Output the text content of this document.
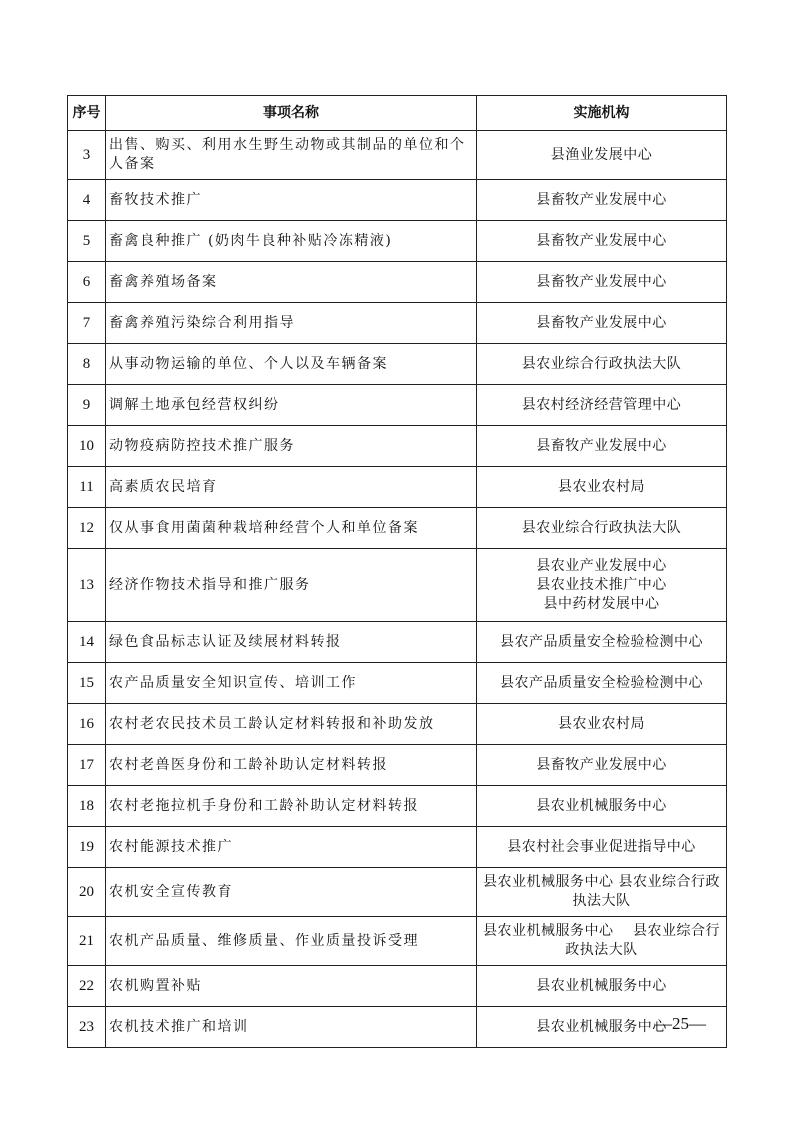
序号	事项名称	实施机构
3	出售、购买、利用水生野生动物或其制品的单位和个人备案	县渔业发展中心

4	畜牧技术推广	县畜牧产业发展中心

5	畜禽良种推广 (奶肉牛良种补贴冷冻精液)	县畜牧产业发展中心

6	畜禽养殖场备案	县畜牧产业发展中心

7	畜禽养殖污染综合利用指导	县畜牧产业发展中心

8	从事动物运输的单位、个人以及车辆备案	县农业综合行政执法大队

9	调解土地承包经营权纠纷	县农村经济经营管理中心

10	动物疫病防控技术推广服务	县畜牧产业发展中心

11	高素质农民培育	县农业农村局

12	仅从事食用菌菌种栽培种经营个人和单位备案	县农业综合行政执法大队

13	经济作物技术指导和推广服务	县农业产业发展中心
县农业技术推广中心
县中药材发展中心

14	绿色食品标志认证及续展材料转报	县农产品质量安全检验检测中心

15	农产品质量安全知识宣传、培训工作	县农产品质量安全检验检测中心

16	农村老农民技术员工龄认定材料转报和补助发放	县农业农村局

17	农村老兽医身份和工龄补助认定材料转报	县畜牧产业发展中心

18	农村老拖拉机手身份和工龄补助认定材料转报	县农业机械服务中心

19	农村能源技术推广	县农村社会事业促进指导中心

20	农机安全宣传教育	县农业机械服务中心 县农业综合行政执法大队

21	农机产品质量、维修质量、作业质量投诉受理	县农业机械服务中心　 县农业综合行政执法大队

22	农机购置补贴	县农业机械服务中心

23	农机技术推广和培训	县农业机械服务中心
—25—
